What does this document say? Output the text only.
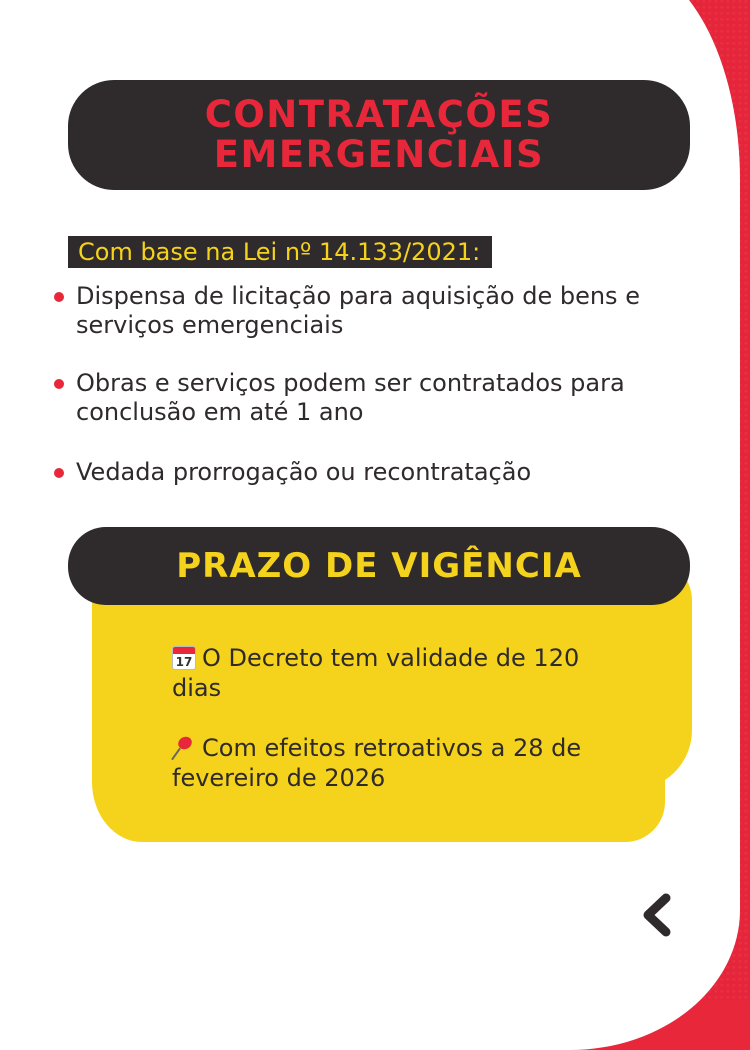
CONTRATAÇÕES EMERGENCIAIS
Com base na Lei nº 14.133/2021:
Dispensa de licitação para aquisição de bens e serviços emergenciais
Obras e serviços podem ser contratados para conclusão em até 1 ano
Vedada prorrogação ou recontratação
PRAZO DE VIGÊNCIA
17O Decreto tem validade de 120 dias
Com efeitos retroativos a 28 de fevereiro de 2026
